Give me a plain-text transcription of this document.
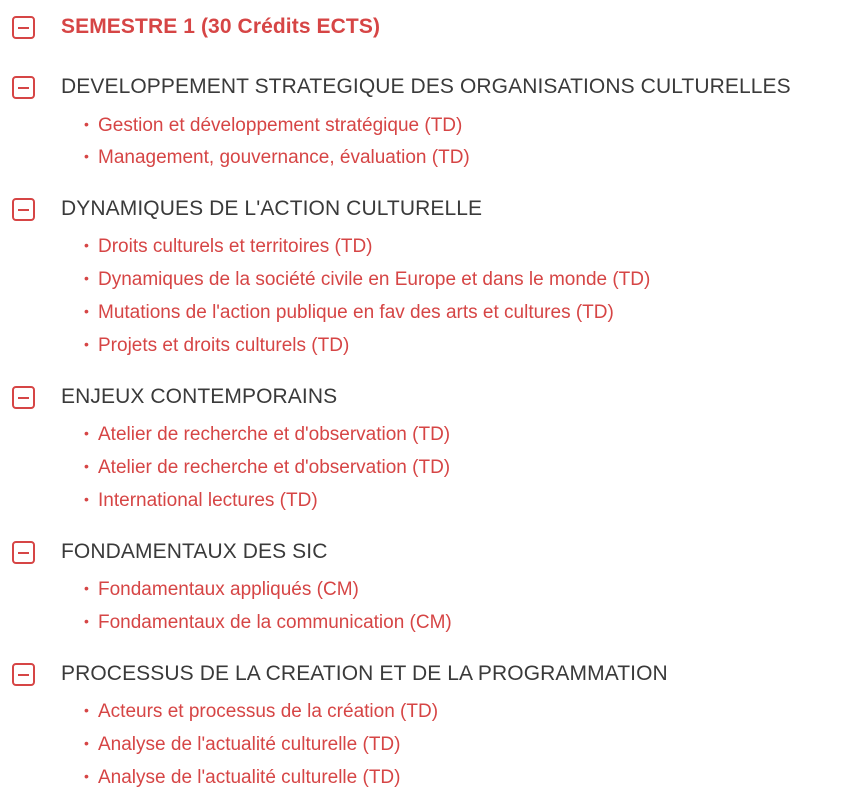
SEMESTRE 1 (30 Crédits ECTS)
DEVELOPPEMENT STRATEGIQUE DES ORGANISATIONS CULTURELLES
• Gestion et développement stratégique (TD)
• Management, gouvernance, évaluation (TD)
DYNAMIQUES DE L'ACTION CULTURELLE
• Droits culturels et territoires (TD)
• Dynamiques de la société civile en Europe et dans le monde (TD)
• Mutations de l'action publique en fav des arts et cultures (TD)
• Projets et droits culturels (TD)
ENJEUX CONTEMPORAINS
• Atelier de recherche et d'observation (TD)
• Atelier de recherche et d'observation (TD)
• International lectures (TD)
FONDAMENTAUX DES SIC
• Fondamentaux appliqués (CM)
• Fondamentaux de la communication (CM)
PROCESSUS DE LA CREATION ET DE LA PROGRAMMATION
• Acteurs et processus de la création (TD)
• Analyse de l'actualité culturelle (TD)
• Analyse de l'actualité culturelle (TD)
